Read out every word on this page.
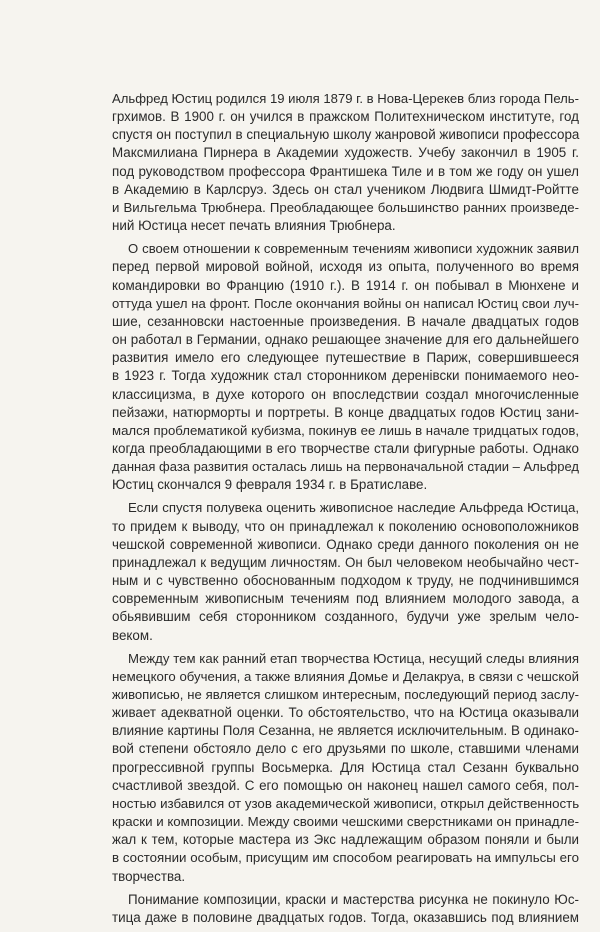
Альфред Юстиц родился 19 июля 1879 г. в Нова-Церекев близ города Пель-
грхимов. В 1900 г. он учился в пражском Политехническом институте, год
спустя он поступил в специальную школу жанровой живописи профессора
Максмилиана Пирнера в Академии художеств. Учебу закончил в 1905 г.
под руководством профессора Франтишека Тиле и в том же году он ушел
в Академию в Карлсруэ. Здесь он стал учеником Людвига Шмидт-Ройтте
и Вильгельма Трюбнера. Преобладающее большинство ранних произведе-
ний Юстица несет печать влияния Трюбнера.
О своем отношении к современным течениям живописи художник заявил
перед первой мировой войной, исходя из опыта, полученного во время
командировки во Францию (1910 г.). В 1914 г. он побывал в Мюнхене и
оттуда ушел на фронт. После окончания войны он написал Юстиц свои луч-
шие, сезанновски настоенные произведения. В начале двадцатых годов
он работал в Германии, однако решающее значение для его дальнейшего
развития имело его следующее путешествие в Париж, совершившееся
в 1923 г. Тогда художник стал сторонником деренівски понимаемого нео-
классицизма, в духе которого он впоследствии создал многочисленные
пейзажи, натюрморты и портреты. В конце двадцатых годов Юстиц зани-
мался проблематикой кубизма, покинув ее лишь в начале тридцатых годов,
когда преобладающими в его творчестве стали фигурные работы. Однако
данная фаза развития осталась лишь на первоначальной стадии – Альфред
Юстиц скончался 9 февраля 1934 г. в Братиславе.
Если спустя полувека оценить живописное наследие Альфреда Юстица,
то придем к выводу, что он принадлежал к поколению основоположников
чешской современной живописи. Однако среди данного поколения он не
принадлежал к ведущим личностям. Он был человеком необычайно чест-
ным и с чувственно обоснованным подходом к труду, не подчинившимся
современным живописным течениям под влиянием молодого завода, а
обьявившим себя сторонником созданного, будучи уже зрелым чело-
веком.
Между тем как ранний етап творчества Юстица, несущий следы влияния
немецкого обучения, а также влияния Домье и Делакруа, в связи с чешской
живописью, не является слишком интересным, последующий период заслу-
живает адекватной оценки. То обстоятельство, что на Юстица оказывали
влияние картины Поля Сезанна, не является исключительным. В одинако-
вой степени обстояло дело с его друзьями по школе, ставшими членами
прогрессивной группы Восьмерка. Для Юстица стал Сезанн буквально
счастливой звездой. С его помощью он наконец нашел самого себя, пол-
ностью избавился от узов академической живописи, открыл действенность
краски и композиции. Между своими чешскими сверстниками он принадле-
жал к тем, которые мастера из Экс надлежащим образом поняли и были
в состоянии особым, присущим им способом реагировать на импульсы его
творчества.
Понимание композиции, краски и мастерства рисунка не покинуло Юс-
тица даже в половине двадцатых годов. Тогда, оказавшись под влиянием
